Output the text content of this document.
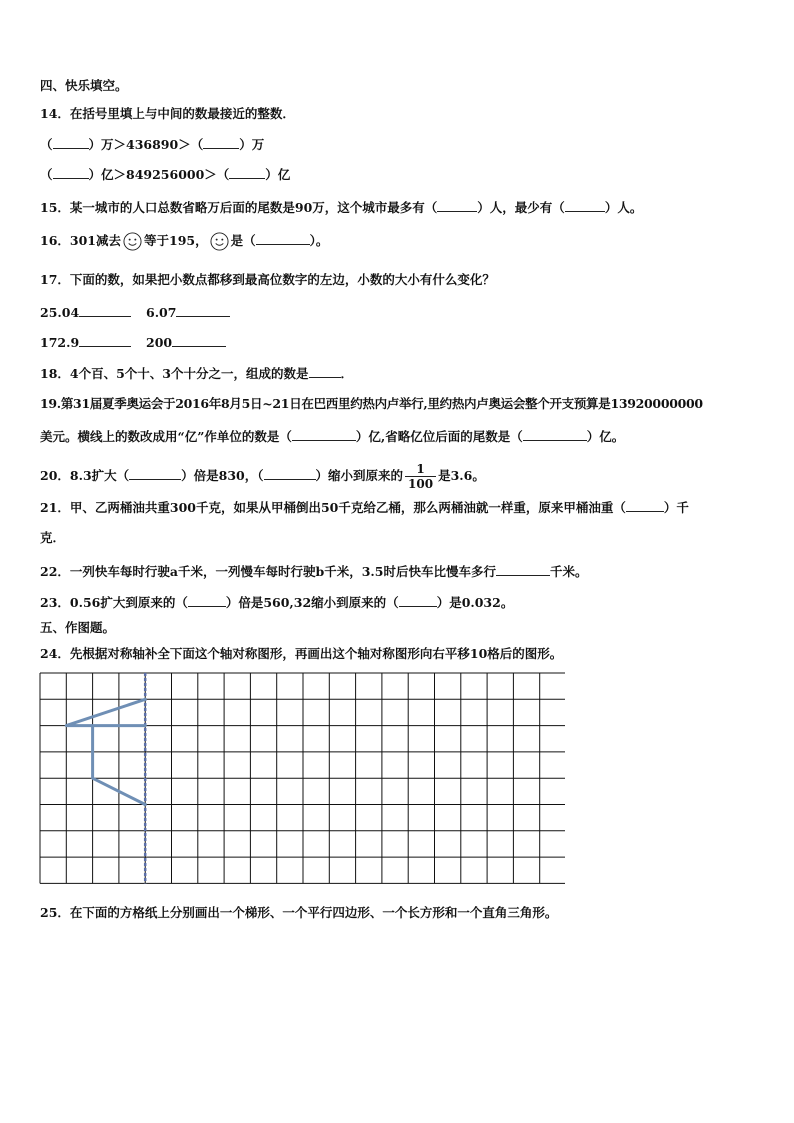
四、快乐填空。
14．在括号里填上与中间的数最接近的整数．
（	）万＞436890＞（	）万
（	）亿＞849256000＞（	）亿
15．某一城市的人口总数省略万后面的尾数是90万，这个城市最多有（	）人，最少有（	）人。
16．301减去 等于195， 是（	）。
17．下面的数，如果把小数点都移到最高位数字的左边，小数的大小有什么变化？
25.04	6.07
172.9	200
18．4个百、5个十、3个十分之一，组成的数是	．
19.第31届夏季奥运会于2016年8月5日~21日在巴西里约热内卢举行,里约热内卢奥运会整个开支预算是13920000000
美元。横线上的数改成用“亿”作单位的数是（	）亿,省略亿位后面的尾数是（	）亿。
20．8.3扩大（	）倍是830，（	）缩小到原来的 $\frac{1}{100}$ 是3.6。
21．甲、乙两桶油共重300千克，如果从甲桶倒出50千克给乙桶，那么两桶油就一样重，原来甲桶油重（	）千
克．
22．一列快车每时行驶a千米，一列慢车每时行驶b千米，3.5时后快车比慢车多行	千米。
23．0.56扩大到原来的（	）倍是560,32缩小到原来的（	）是0.032。
五、作图题。
24．先根据对称轴补全下面这个轴对称图形，再画出这个轴对称图形向右平移10格后的图形。
25．在下面的方格纸上分别画出一个梯形、一个平行四边形、一个长方形和一个直角三角形。
